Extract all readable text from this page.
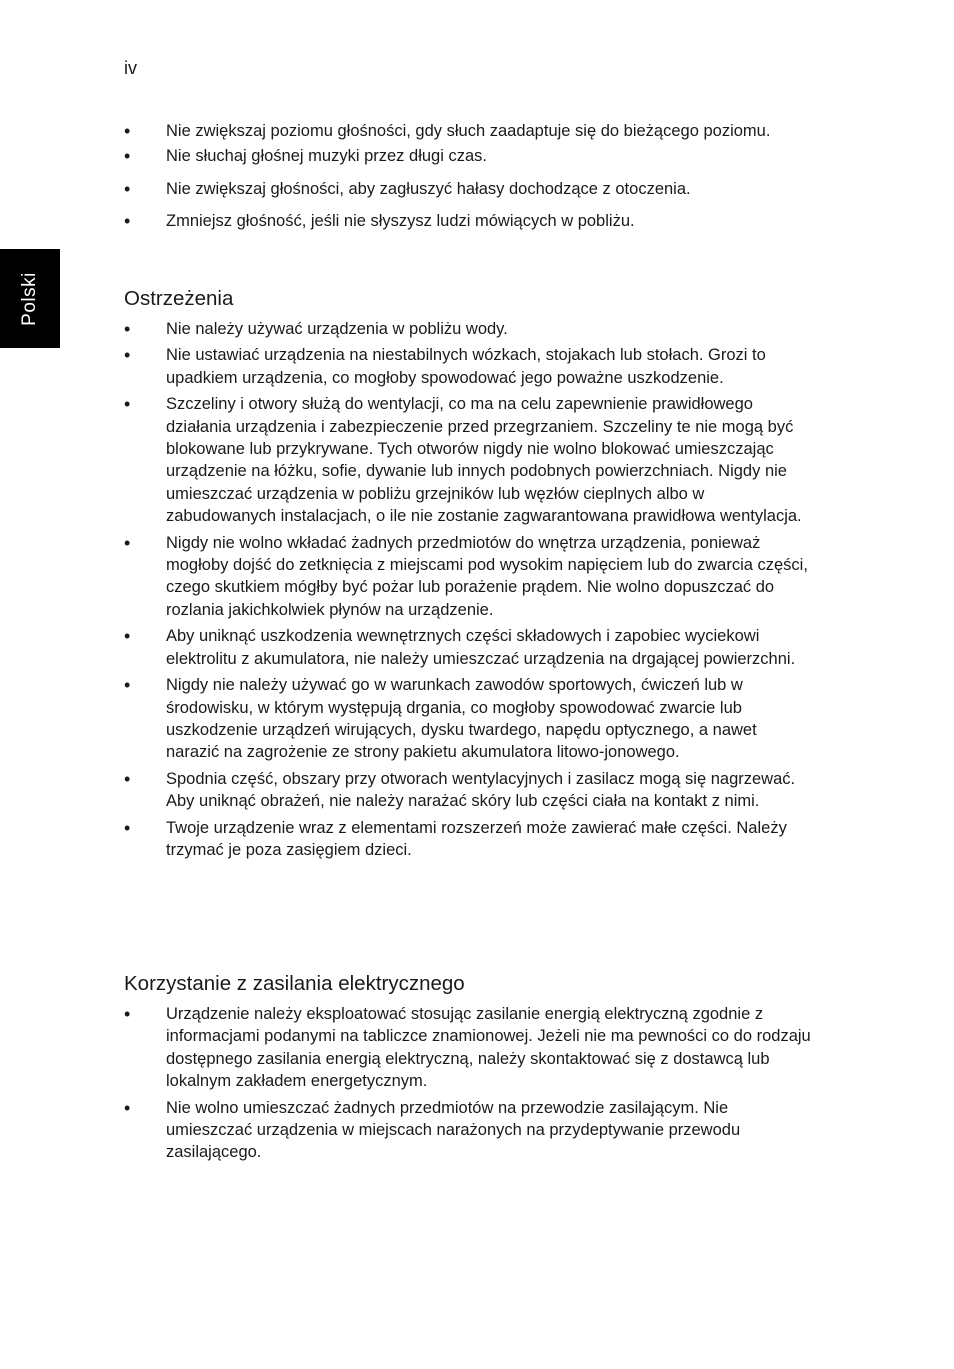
iv
Polski
• Nie zwiększaj poziomu głośności, gdy słuch zaadaptuje się do bieżącego poziomu.
• Nie słuchaj głośnej muzyki przez długi czas.
• Nie zwiększaj głośności, aby zagłuszyć hałasy dochodzące z otoczenia.
• Zmniejsz głośność, jeśli nie słyszysz ludzi mówiących w pobliżu.
Ostrzeżenia
• Nie należy używać urządzenia w pobliżu wody.
• Nie ustawiać urządzenia na niestabilnych wózkach, stojakach lub stołach. Grozi to upadkiem urządzenia, co mogłoby spowodować jego poważne uszkodzenie.
• Szczeliny i otwory służą do wentylacji, co ma na celu zapewnienie prawidłowego działania urządzenia i zabezpieczenie przed przegrzaniem. Szczeliny te nie mogą być blokowane lub przykrywane. Tych otworów nigdy nie wolno blokować umieszczając urządzenie na łóżku, sofie, dywanie lub innych podobnych powierzchniach. Nigdy nie umieszczać urządzenia w pobliżu grzejników lub węzłów cieplnych albo w zabudowanych instalacjach, o ile nie zostanie zagwarantowana prawidłowa wentylacja.
• Nigdy nie wolno wkładać żadnych przedmiotów do wnętrza urządzenia, ponieważ mogłoby dojść do zetknięcia z miejscami pod wysokim napięciem lub do zwarcia części, czego skutkiem mógłby być pożar lub porażenie prądem. Nie wolno dopuszczać do rozlania jakichkolwiek płynów na urządzenie.
• Aby uniknąć uszkodzenia wewnętrznych części składowych i zapobiec wyciekowi elektrolitu z akumulatora, nie należy umieszczać urządzenia na drgającej powierzchni.
• Nigdy nie należy używać go w warunkach zawodów sportowych, ćwiczeń lub w środowisku, w którym występują drgania, co mogłoby spowodować zwarcie lub uszkodzenie urządzeń wirujących, dysku twardego, napędu optycznego, a nawet narazić na zagrożenie ze strony pakietu akumulatora litowo-jonowego.
• Spodnia część, obszary przy otworach wentylacyjnych i zasilacz mogą się nagrzewać. Aby uniknąć obrażeń, nie należy narażać skóry lub części ciała na kontakt z nimi.
• Twoje urządzenie wraz z elementami rozszerzeń może zawierać małe części. Należy trzymać je poza zasięgiem dzieci.
Korzystanie z zasilania elektrycznego
• Urządzenie należy eksploatować stosując zasilanie energią elektryczną zgodnie z informacjami podanymi na tabliczce znamionowej. Jeżeli nie ma pewności co do rodzaju dostępnego zasilania energią elektryczną, należy skontaktować się z dostawcą lub lokalnym zakładem energetycznym.
• Nie wolno umieszczać żadnych przedmiotów na przewodzie zasilającym. Nie umieszczać urządzenia w miejscach narażonych na przydeptywanie przewodu zasilającego.
